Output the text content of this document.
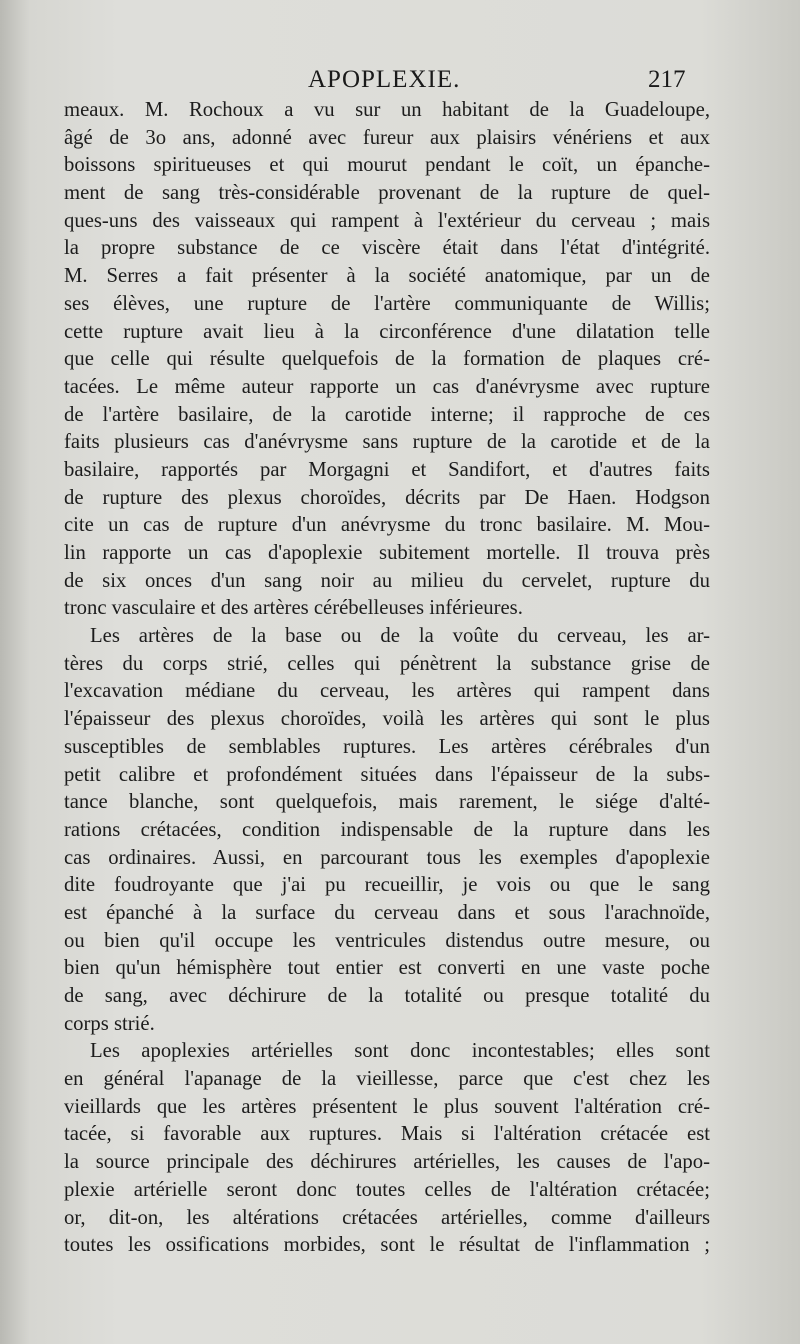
APOPLEXIE.	217
meaux. M. Rochoux a vu sur un habitant de la Guadeloupe,
âgé de 3o ans, adonné avec fureur aux plaisirs vénériens et aux
boissons spiritueuses et qui mourut pendant le coït, un épanche-
ment de sang très-considérable provenant de la rupture de quel-
ques-uns des vaisseaux qui rampent à l'extérieur du cerveau ; mais
la propre substance de ce viscère était dans l'état d'intégrité.
M. Serres a fait présenter à la société anatomique, par un de
ses élèves, une rupture de l'artère communiquante de Willis;
cette rupture avait lieu à la circonférence d'une dilatation telle
que celle qui résulte quelquefois de la formation de plaques cré-
tacées. Le même auteur rapporte un cas d'anévrysme avec rupture
de l'artère basilaire, de la carotide interne; il rapproche de ces
faits plusieurs cas d'anévrysme sans rupture de la carotide et de la
basilaire, rapportés par Morgagni et Sandifort, et d'autres faits
de rupture des plexus choroïdes, décrits par De Haen. Hodgson
cite un cas de rupture d'un anévrysme du tronc basilaire. M. Mou-
lin rapporte un cas d'apoplexie subitement mortelle. Il trouva près
de six onces d'un sang noir au milieu du cervelet, rupture du
tronc vasculaire et des artères cérébelleuses inférieures.
Les artères de la base ou de la voûte du cerveau, les ar-
tères du corps strié, celles qui pénètrent la substance grise de
l'excavation médiane du cerveau, les artères qui rampent dans
l'épaisseur des plexus choroïdes, voilà les artères qui sont le plus
susceptibles de semblables ruptures. Les artères cérébrales d'un
petit calibre et profondément situées dans l'épaisseur de la subs-
tance blanche, sont quelquefois, mais rarement, le siége d'alté-
rations crétacées, condition indispensable de la rupture dans les
cas ordinaires. Aussi, en parcourant tous les exemples d'apoplexie
dite foudroyante que j'ai pu recueillir, je vois ou que le sang
est épanché à la surface du cerveau dans et sous l'arachnoïde,
ou bien qu'il occupe les ventricules distendus outre mesure, ou
bien qu'un hémisphère tout entier est converti en une vaste poche
de sang, avec déchirure de la totalité ou presque totalité du
corps strié.
Les apoplexies artérielles sont donc incontestables; elles sont
en général l'apanage de la vieillesse, parce que c'est chez les
vieillards que les artères présentent le plus souvent l'altération cré-
tacée, si favorable aux ruptures. Mais si l'altération crétacée est
la source principale des déchirures artérielles, les causes de l'apo-
plexie artérielle seront donc toutes celles de l'altération crétacée;
or, dit-on, les altérations crétacées artérielles, comme d'ailleurs
toutes les ossifications morbides, sont le résultat de l'inflammation ;
